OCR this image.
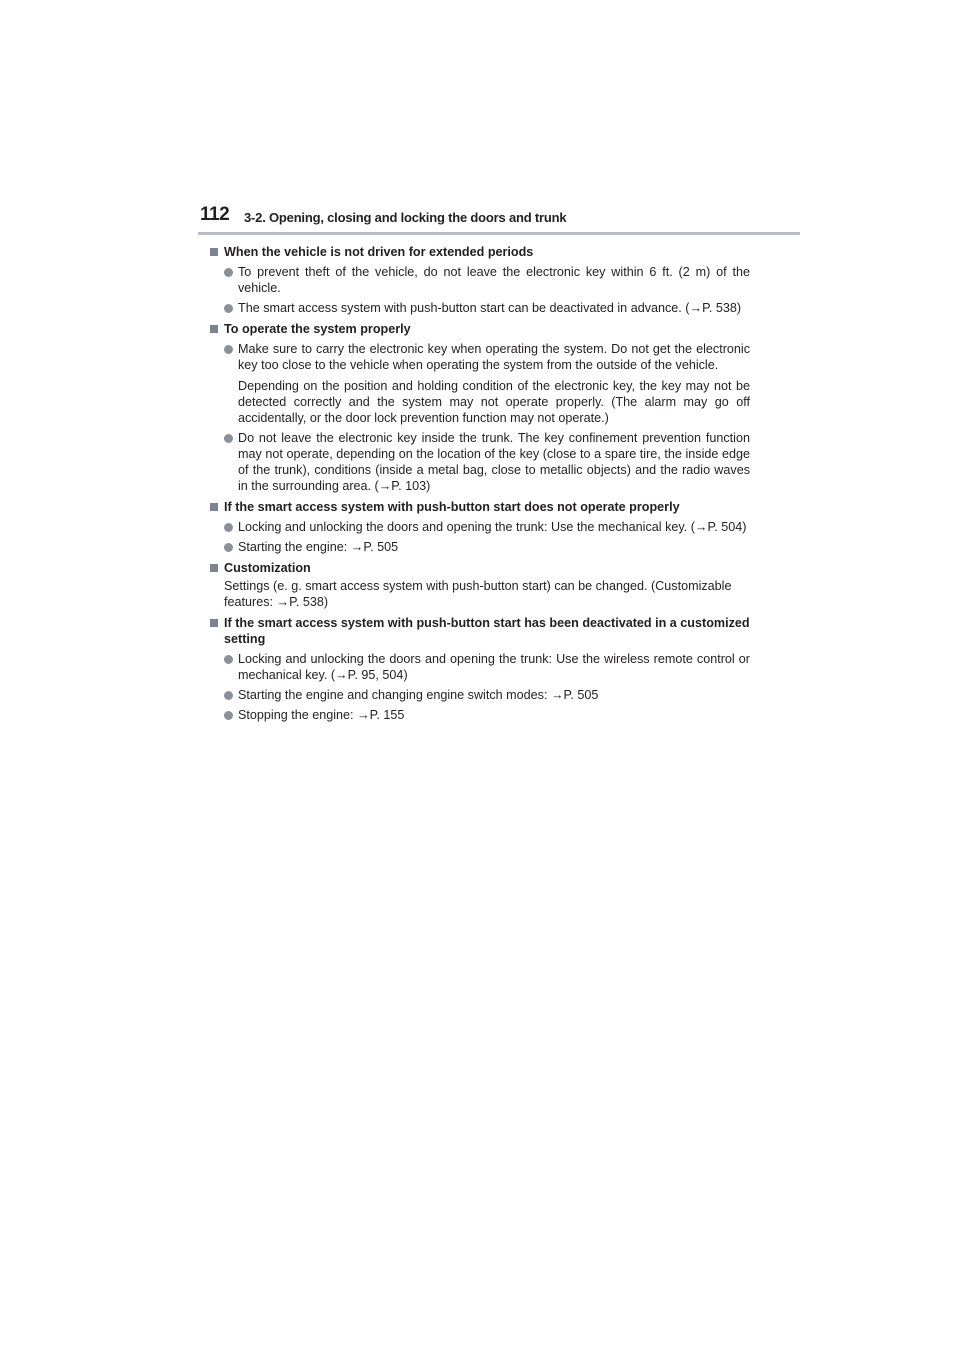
112 3-2. Opening, closing and locking the doors and trunk
When the vehicle is not driven for extended periods
To prevent theft of the vehicle, do not leave the electronic key within 6 ft. (2 m) of the vehicle.
The smart access system with push-button start can be deactivated in advance. (→P. 538)
To operate the system properly
Make sure to carry the electronic key when operating the system. Do not get the electronic key too close to the vehicle when operating the system from the outside of the vehicle.
Depending on the position and holding condition of the electronic key, the key may not be detected correctly and the system may not operate properly. (The alarm may go off accidentally, or the door lock prevention function may not operate.)
Do not leave the electronic key inside the trunk. The key confinement prevention function may not operate, depending on the location of the key (close to a spare tire, the inside edge of the trunk), conditions (inside a metal bag, close to metallic objects) and the radio waves in the surrounding area. (→P. 103)
If the smart access system with push-button start does not operate properly
Locking and unlocking the doors and opening the trunk: Use the mechanical key. (→P. 504)
Starting the engine: →P. 505
Customization
Settings (e. g. smart access system with push-button start) can be changed. (Customizable features: →P. 538)
If the smart access system with push-button start has been deactivated in a customized setting
Locking and unlocking the doors and opening the trunk: Use the wireless remote control or mechanical key. (→P. 95, 504)
Starting the engine and changing engine switch modes: →P. 505
Stopping the engine: →P. 155
